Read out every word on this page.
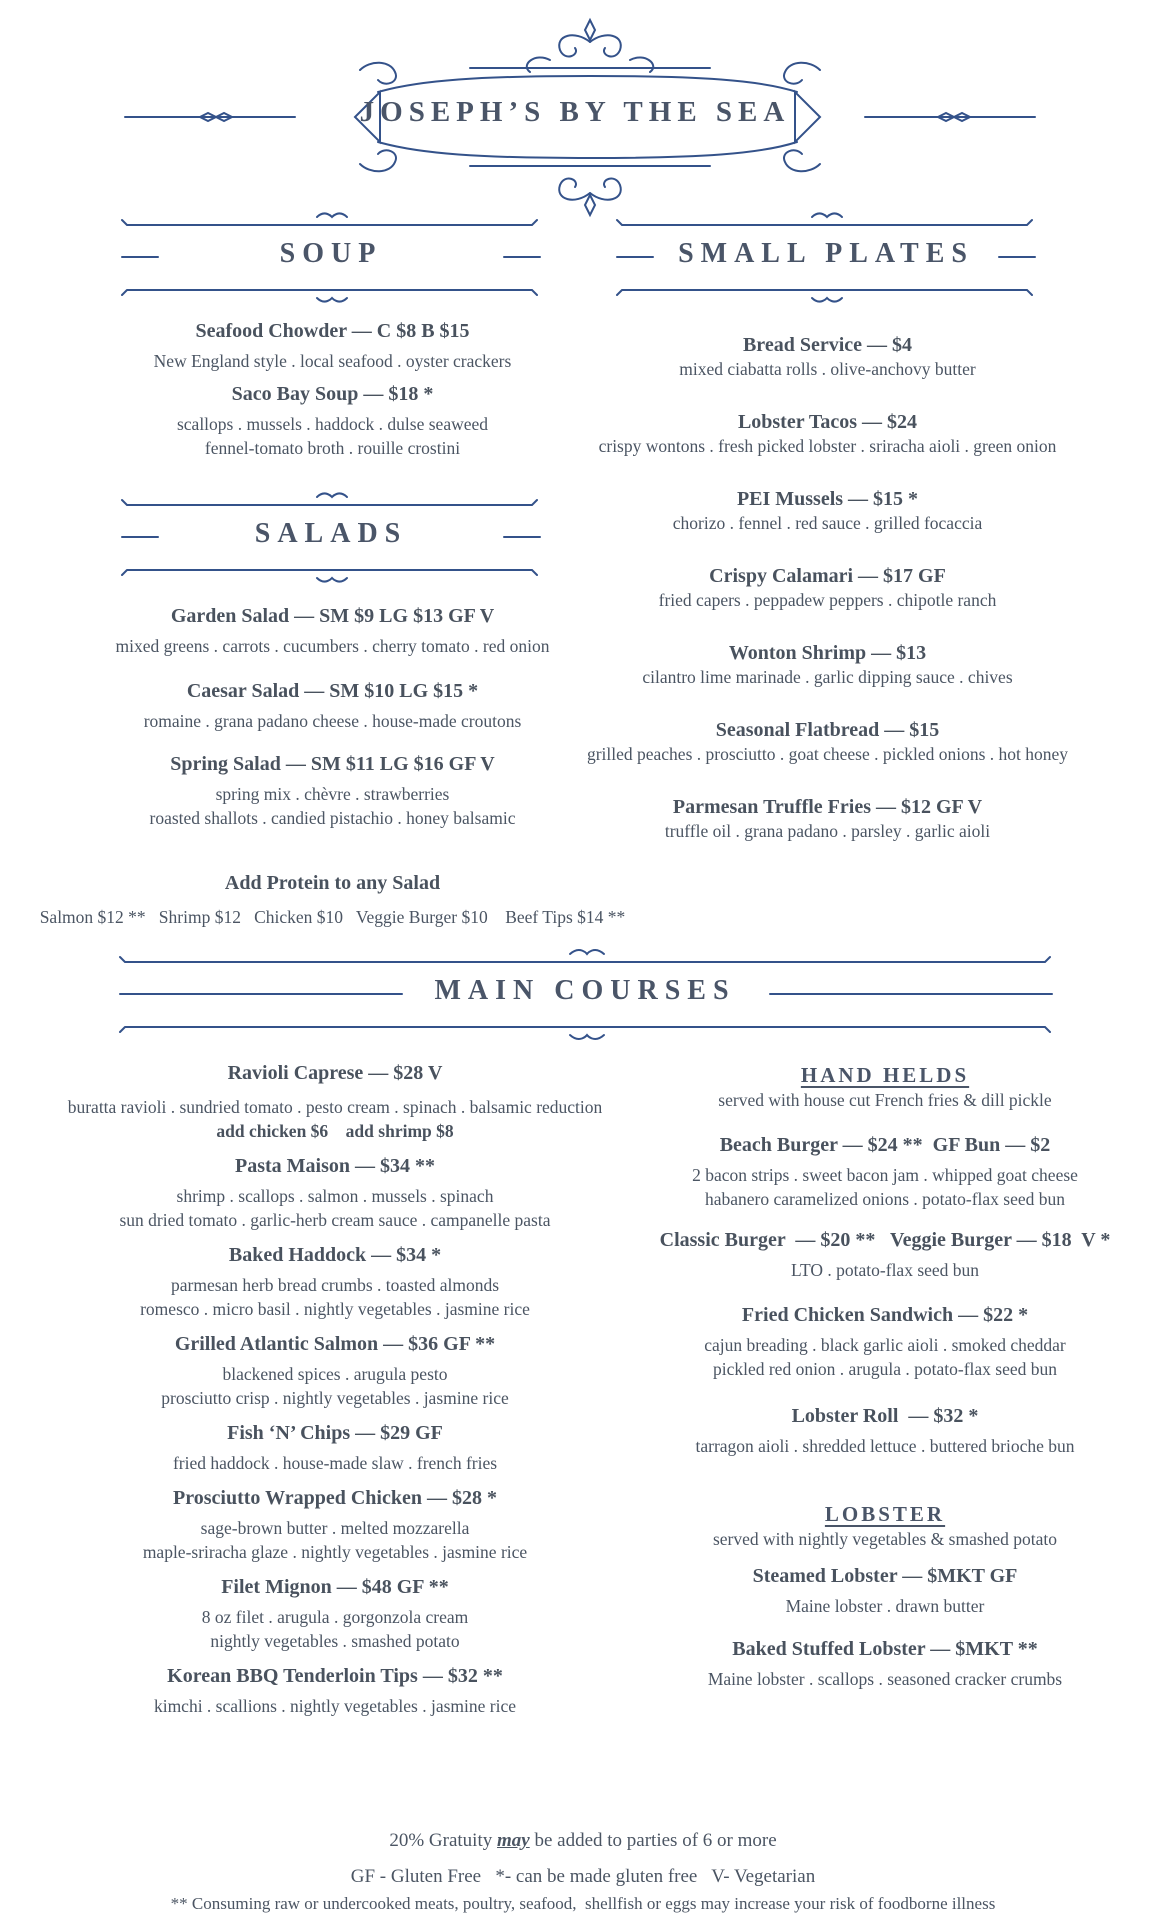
JOSEPH’S BY THE SEA
SOUP	SMALL PLATES
SALADS
MAIN COURSES
Seafood Chowder — C $8 B $15
New England style . local seafood . oyster crackers
Saco Bay Soup — $18 *
scallops . mussels . haddock . dulse seaweed
fennel-tomato broth . rouille crostini
Garden Salad — SM $9 LG $13 GF V
mixed greens . carrots . cucumbers . cherry tomato . red onion
Caesar Salad — SM $10 LG $15 *
romaine . grana padano cheese . house-made croutons
Spring Salad — SM $11 LG $16 GF V
spring mix . chèvre . strawberries
roasted shallots . candied pistachio . honey balsamic
Add Protein to any Salad
Salmon $12 **   Shrimp $12   Chicken $10   Veggie Burger $10    Beef Tips $14 **
Bread Service — $4
mixed ciabatta rolls . olive-anchovy butter
Lobster Tacos — $24
crispy wontons . fresh picked lobster . sriracha aioli . green onion
PEI Mussels — $15 *
chorizo . fennel . red sauce . grilled focaccia
Crispy Calamari — $17 GF
fried capers . peppadew peppers . chipotle ranch
Wonton Shrimp — $13
cilantro lime marinade . garlic dipping sauce . chives
Seasonal Flatbread — $15
grilled peaches . prosciutto . goat cheese . pickled onions . hot honey
Parmesan Truffle Fries — $12 GF V
truffle oil . grana padano . parsley . garlic aioli
Ravioli Caprese — $28 V
buratta ravioli . sundried tomato . pesto cream . spinach . balsamic reduction
add chicken $6    add shrimp $8
Pasta Maison — $34 **
shrimp . scallops . salmon . mussels . spinach
sun dried tomato . garlic-herb cream sauce . campanelle pasta
Baked Haddock — $34 *
parmesan herb bread crumbs . toasted almonds
romesco . micro basil . nightly vegetables . jasmine rice
Grilled Atlantic Salmon — $36 GF **
blackened spices . arugula pesto
prosciutto crisp . nightly vegetables . jasmine rice
Fish ‘N’ Chips — $29 GF
fried haddock . house-made slaw . french fries
Prosciutto Wrapped Chicken — $28 *
sage-brown butter . melted mozzarella
maple-sriracha glaze . nightly vegetables . jasmine rice
Filet Mignon — $48 GF **
8 oz filet . arugula . gorgonzola cream
nightly vegetables . smashed potato
Korean BBQ Tenderloin Tips — $32 **
kimchi . scallions . nightly vegetables . jasmine rice
HAND HELDS
served with house cut French fries & dill pickle
Beach Burger — $24 **  GF Bun — $2
2 bacon strips . sweet bacon jam . whipped goat cheese
habanero caramelized onions . potato-flax seed bun
Classic Burger  — $20 **   Veggie Burger — $18  V *
LTO . potato-flax seed bun
Fried Chicken Sandwich — $22 *
cajun breading . black garlic aioli . smoked cheddar
pickled red onion . arugula . potato-flax seed bun
Lobster Roll  — $32 *
tarragon aioli . shredded lettuce . buttered brioche bun
LOBSTER
served with nightly vegetables & smashed potato
Steamed Lobster — $MKT GF
Maine lobster . drawn butter
Baked Stuffed Lobster — $MKT **
Maine lobster . scallops . seasoned cracker crumbs
20% Gratuity may be added to parties of 6 or more
GF - Gluten Free   *- can be made gluten free   V- Vegetarian
** Consuming raw or undercooked meats, poultry, seafood,  shellfish or eggs may increase your risk of foodborne illness
